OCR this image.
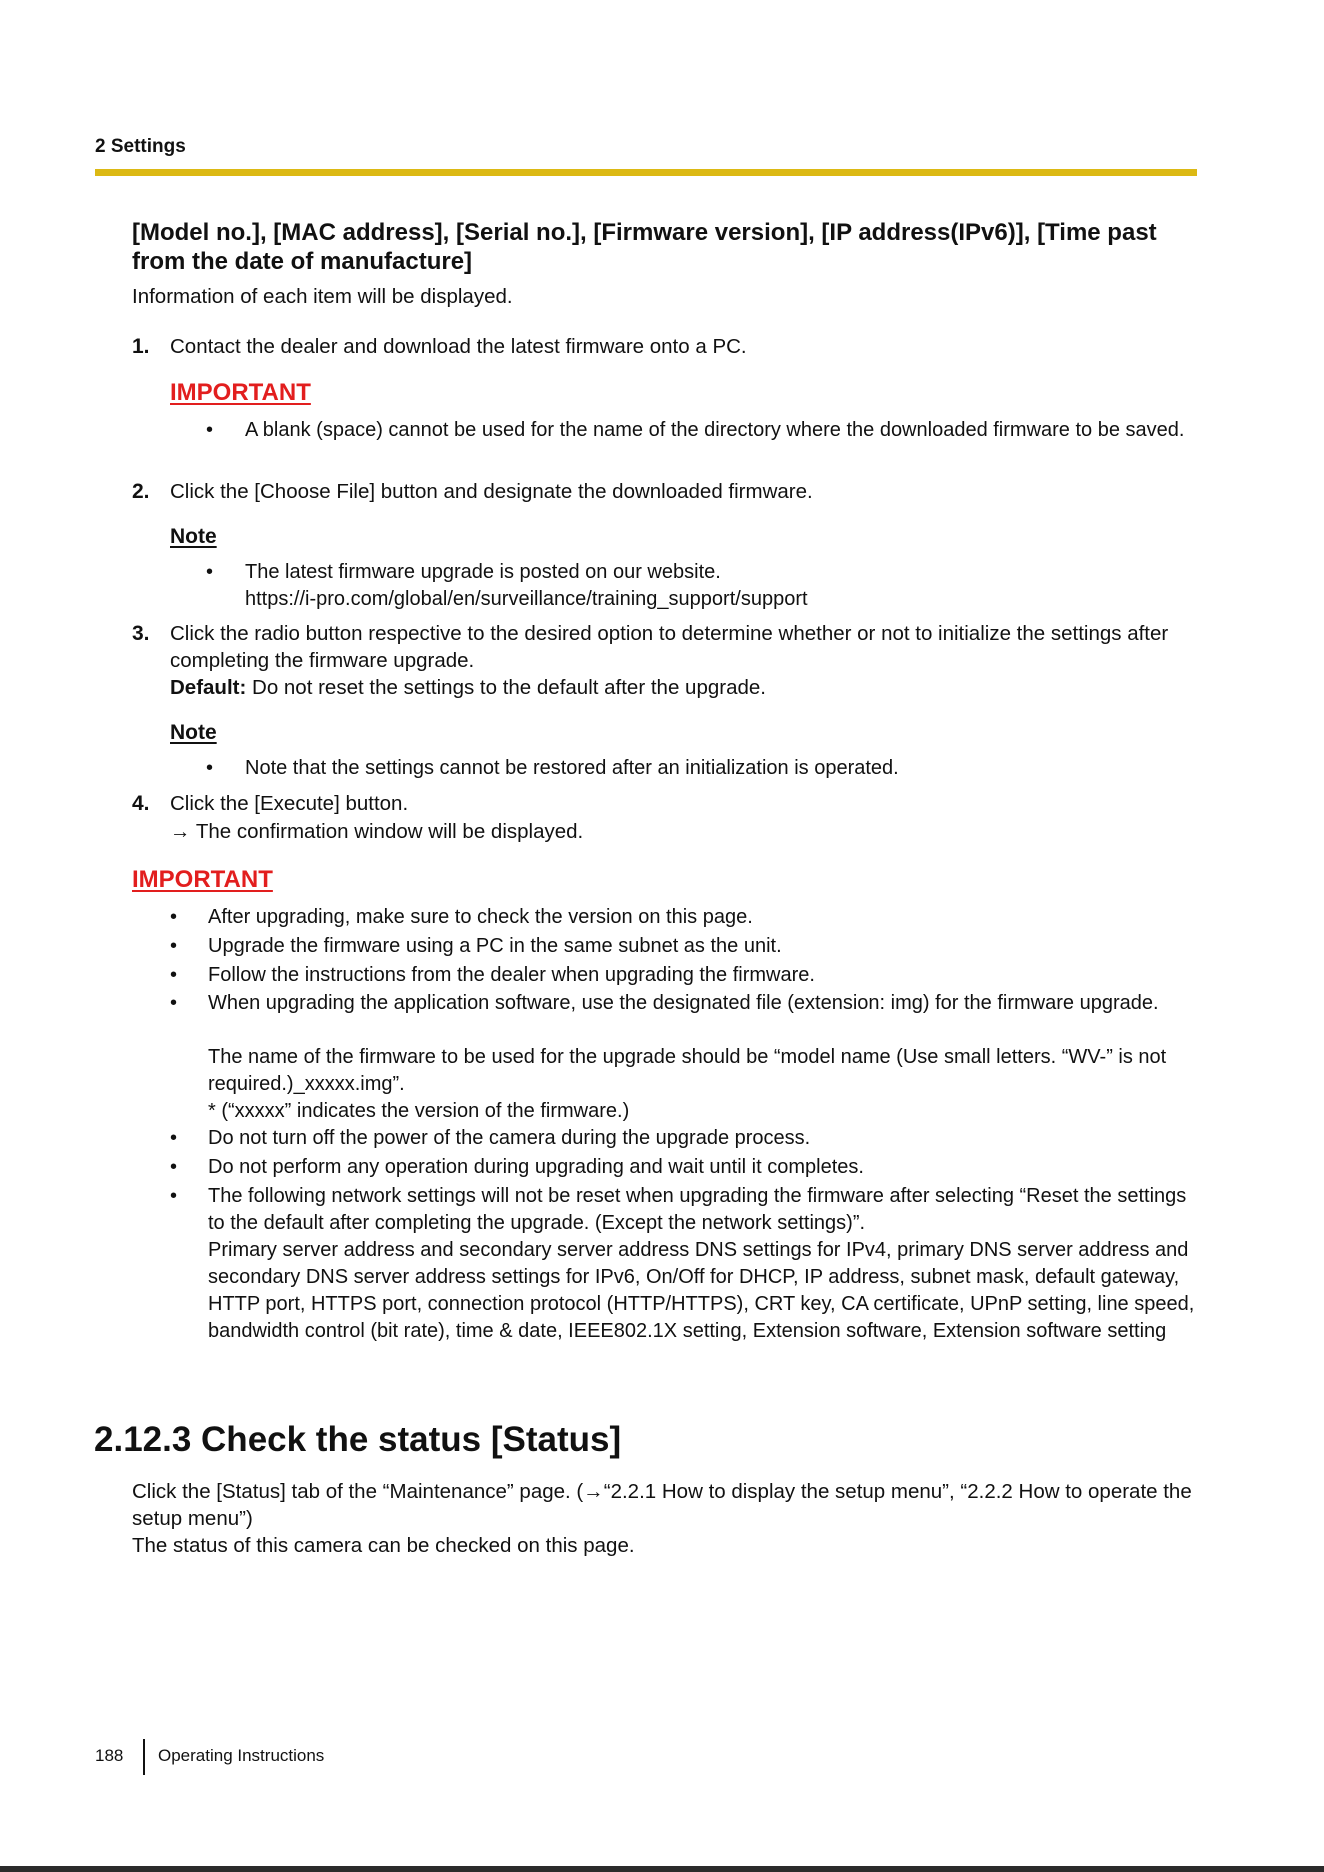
2 Settings
[Model no.], [MAC address], [Serial no.], [Firmware version], [IP address(IPv6)], [Time past from the date of manufacture]
Information of each item will be displayed.
1. Contact the dealer and download the latest firmware onto a PC.
IMPORTANT
• A blank (space) cannot be used for the name of the directory where the downloaded firmware to be saved.
2. Click the [Choose File] button and designate the downloaded firmware.
Note
• The latest firmware upgrade is posted on our website.
https://i-pro.com/global/en/surveillance/training_support/support
3. Click the radio button respective to the desired option to determine whether or not to initialize the settings after completing the firmware upgrade.
Default: Do not reset the settings to the default after the upgrade.
Note
• Note that the settings cannot be restored after an initialization is operated.
4. Click the [Execute] button.
→ The confirmation window will be displayed.
IMPORTANT
• After upgrading, make sure to check the version on this page.
• Upgrade the firmware using a PC in the same subnet as the unit.
• Follow the instructions from the dealer when upgrading the firmware.
• When upgrading the application software, use the designated file (extension: img) for the firmware upgrade.
The name of the firmware to be used for the upgrade should be “model name (Use small letters. “WV-” is not required.)_xxxxx.img”.
* (“xxxxx” indicates the version of the firmware.)
• Do not turn off the power of the camera during the upgrade process.
• Do not perform any operation during upgrading and wait until it completes.
• The following network settings will not be reset when upgrading the firmware after selecting “Reset the settings to the default after completing the upgrade. (Except the network settings)”.
Primary server address and secondary server address DNS settings for IPv4, primary DNS server address and secondary DNS server address settings for IPv6, On/Off for DHCP, IP address, subnet mask, default gateway, HTTP port, HTTPS port, connection protocol (HTTP/HTTPS), CRT key, CA certificate, UPnP setting, line speed, bandwidth control (bit rate), time & date, IEEE802.1X setting, Extension software, Extension software setting
2.12.3 Check the status [Status]
Click the [Status] tab of the “Maintenance” page. (→“2.2.1 How to display the setup menu”, “2.2.2 How to operate the setup menu”)
The status of this camera can be checked on this page.
188 Operating Instructions
